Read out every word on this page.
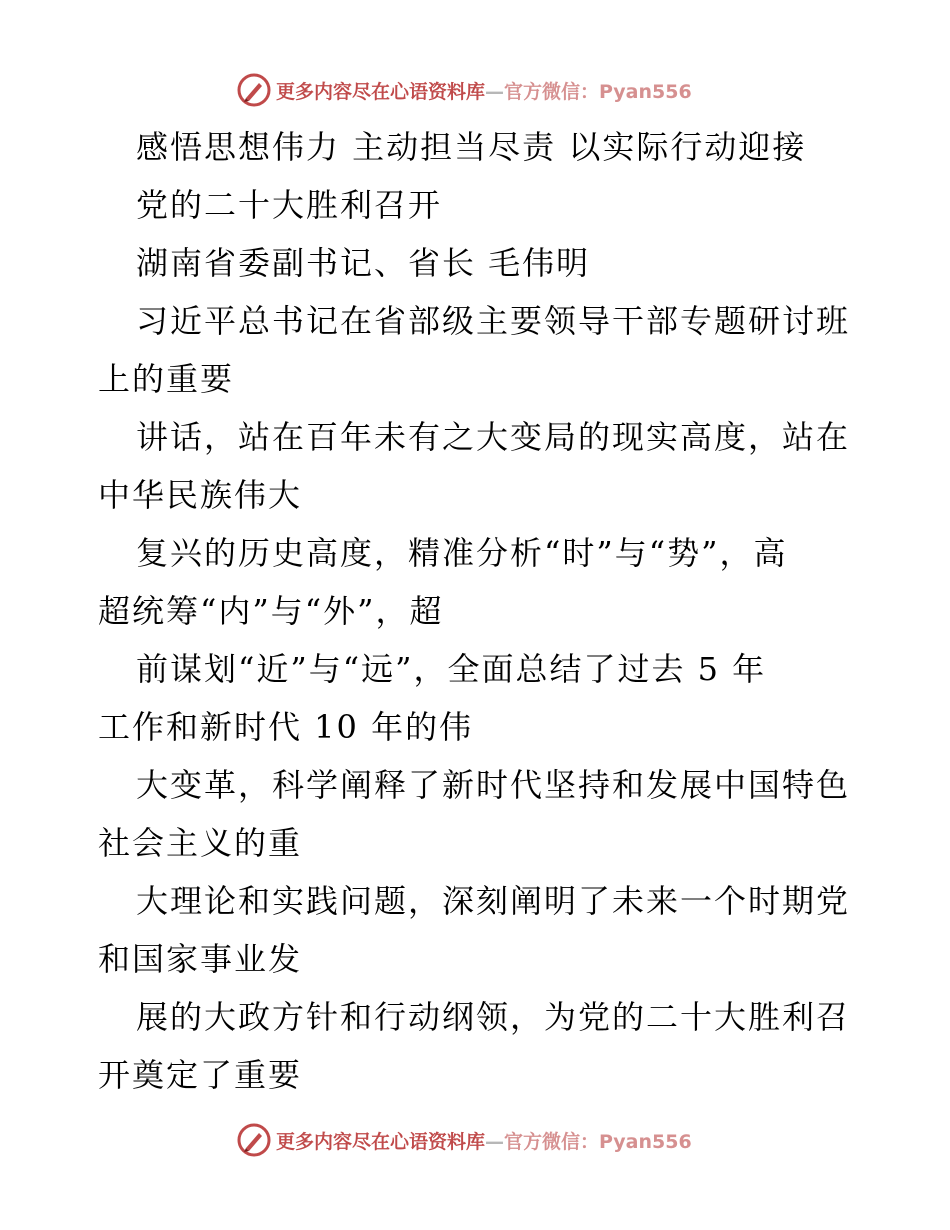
更多内容尽在心语资料库—官方微信：Pyan556
感悟思想伟力 主动担当尽责 以实际行动迎接
党的二十大胜利召开
湖南省委副书记、省长 毛伟明
习近平总书记在省部级主要领导干部专题研讨班
上的重要
讲话，站在百年未有之大变局的现实高度，站在
中华民族伟大
复兴的历史高度，精准分析“时”与“势”，高
超统筹“内”与“外”，超
前谋划“近”与“远”，全面总结了过去 5 年
工作和新时代 10 年的伟
大变革，科学阐释了新时代坚持和发展中国特色
社会主义的重
大理论和实践问题，深刻阐明了未来一个时期党
和国家事业发
展的大政方针和行动纲领，为党的二十大胜利召
开奠定了重要
更多内容尽在心语资料库—官方微信：Pyan556
